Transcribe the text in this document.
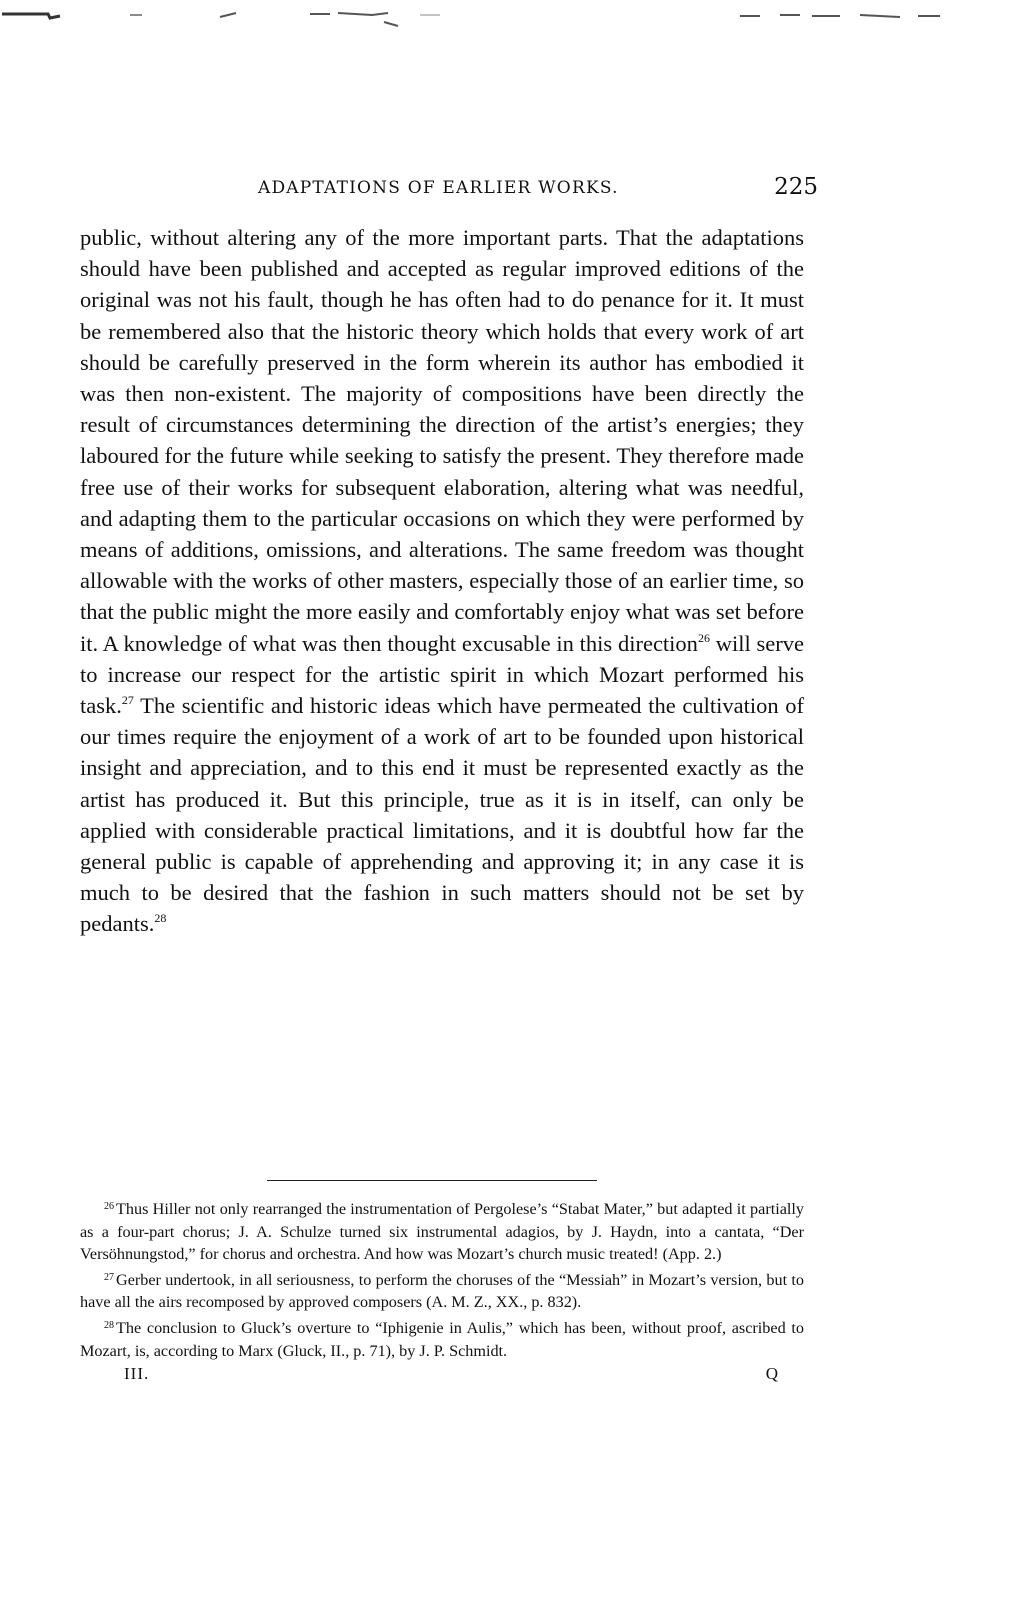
ADAPTATIONS OF EARLIER WORKS.	225

public, without altering any of the more important parts. That the adaptations should have been published and accepted as regular improved editions of the original was not his fault, though he has often had to do penance for it. It must be remembered also that the historic theory which holds that every work of art should be carefully preserved in the form wherein its author has embodied it was then non-existent. The majority of compositions have been directly the result of circumstances determining the direction of the artist’s energies; they laboured for the future while seeking to satisfy the present. They therefore made free use of their works for subsequent elaboration, altering what was needful, and adapting them to the particular occasions on which they were performed by means of additions, omissions, and alterations. The same freedom was thought allowable with the works of other masters, especially those of an earlier time, so that the public might the more easily and comfortably enjoy what was set before it. A knowledge of what was then thought excusable in this direction$^{26}$ will serve to increase our respect for the artistic spirit in which Mozart performed his task.$^{27}$ The scientific and historic ideas which have permeated the cultivation of our times require the enjoyment of a work of art to be founded upon historical insight and appreciation, and to this end it must be represented exactly as the artist has produced it. But this principle, true as it is in itself, can only be applied with considerable practical limitations, and it is doubtful how far the general public is capable of apprehending and approving it; in any case it is much to be desired that the fashion in such matters should not be set by pedants.$^{28}$

$^{26}$ Thus Hiller not only rearranged the instrumentation of Pergolese’s “Stabat Mater,” but adapted it partially as a four-part chorus; J. A. Schulze turned six instrumental adagios, by J. Haydn, into a cantata, “Der Versöhnungstod,” for chorus and orchestra. And how was Mozart’s church music treated! (App. 2.)

$^{27}$ Gerber undertook, in all seriousness, to perform the choruses of the “Messiah” in Mozart’s version, but to have all the airs recomposed by approved composers (A. M. Z., XX., p. 832).

$^{28}$ The conclusion to Gluck’s overture to “Iphigenie in Aulis,” which has been, without proof, ascribed to Mozart, is, according to Marx (Gluck, II., p. 71), by J. P. Schmidt.

III.	Q
